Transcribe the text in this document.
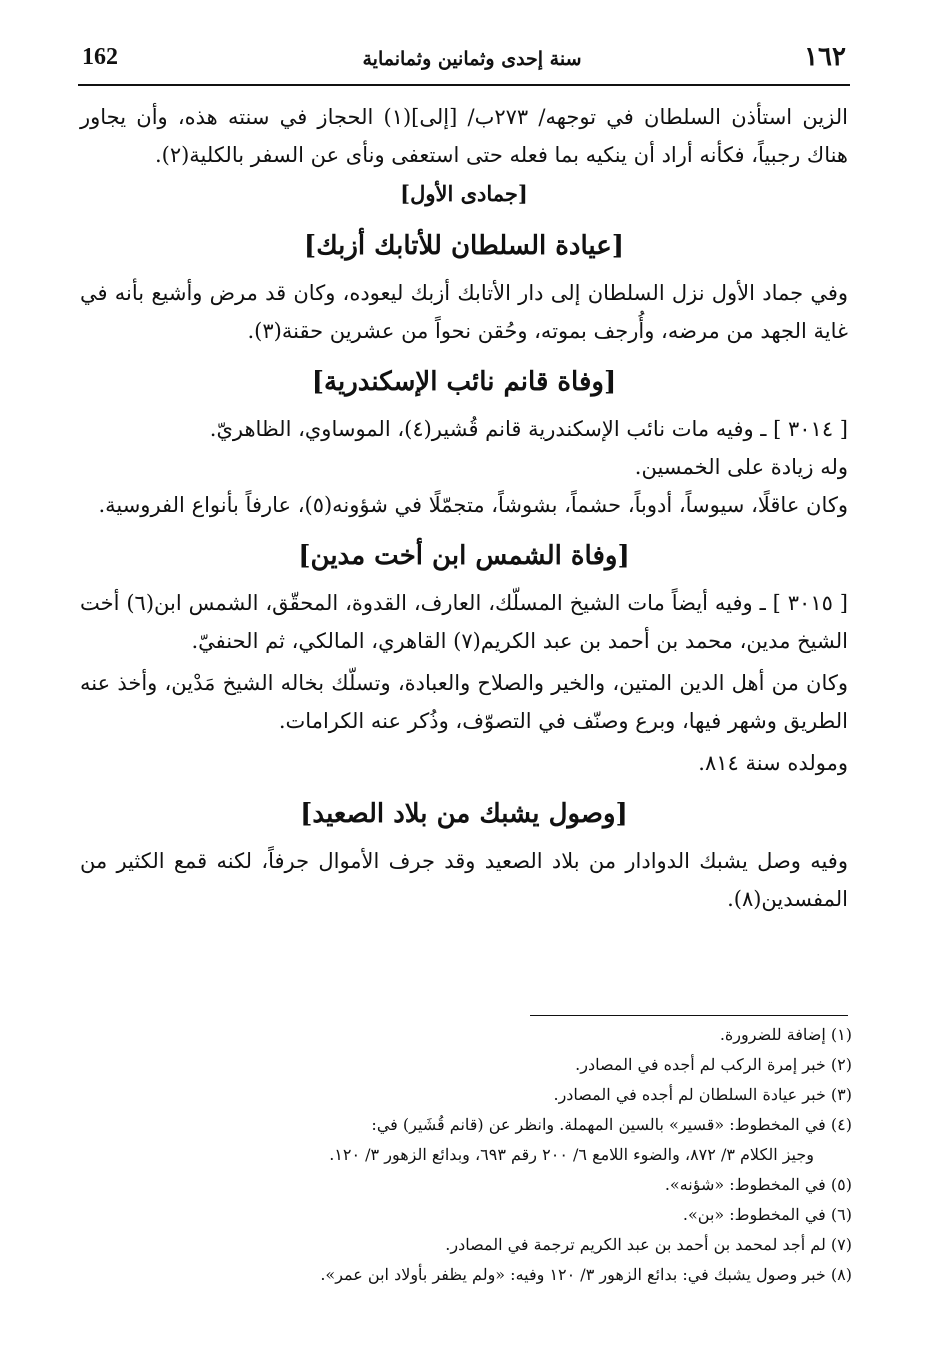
162	سنة إحدى وثمانين وثمانماية	١٦٢

الزين استأذن السلطان في توجهه/ ٢٧٣ب/ [إلى](١) الحجاز في سنته هذه، وأن يجاور هناك رجبياً، فكأنه أراد أن ينكيه بما فعله حتى استعفى ونأى عن السفر بالكلية(٢).

[جمادى الأول]

[عيادة السلطان للأتابك أزبك]

وفي جماد الأول نزل السلطان إلى دار الأتابك أزبك ليعوده، وكان قد مرض وأشيع بأنه في غاية الجهد من مرضه، وأُرجف بموته، وحُقن نحواً من عشرين حقنة(٣).

[وفاة قانم نائب الإسكندرية]

[ ٣٠١٤ ] ـ وفيه مات نائب الإسكندرية قانم قُشير(٤)، الموساوي، الظاهريّ.

وله زيادة على الخمسين.

وكان عاقلًا، سيوساً، أدوباً، حشماً، بشوشاً، متجمّلًا في شؤونه(٥)، عارفاً بأنواع الفروسية.

[وفاة الشمس ابن أخت مدين]

[ ٣٠١٥ ] ـ وفيه أيضاً مات الشيخ المسلّك، العارف، القدوة، المحقّق، الشمس ابن(٦) أخت الشيخ مدين، محمد بن أحمد بن عبد الكريم(٧) القاهري، المالكي، ثم الحنفيّ.

وكان من أهل الدين المتين، والخير والصلاح والعبادة، وتسلّك بخاله الشيخ مَدْين، وأخذ عنه الطريق وشهر فيها، وبرع وصنّف في التصوّف، وذُكر عنه الكرامات.

ومولده سنة ٨١٤.

[وصول يشبك من بلاد الصعيد]

وفيه وصل يشبك الدوادار من بلاد الصعيد وقد جرف الأموال جرفاً، لكنه قمع الكثير من المفسدين(٨).

(١) إضافة للضرورة.

(٢) خبر إمرة الركب لم أجده في المصادر.

(٣) خبر عيادة السلطان لم أجده في المصادر.

(٤) في المخطوط: «قسير» بالسين المهملة. وانظر عن (قانم قُشَير) في:

وجيز الكلام ٣/ ٨٧٢، والضوء اللامع ٦/ ٢٠٠ رقم ٦٩٣، وبدائع الزهور ٣/ ١٢٠.

(٥) في المخطوط: «شؤنه».

(٦) في المخطوط: «بن».

(٧) لم أجد لمحمد بن أحمد بن عبد الكريم ترجمة في المصادر.

(٨) خبر وصول يشبك في: بدائع الزهور ٣/ ١٢٠ وفيه: «ولم يظفر بأولاد ابن عمر».
